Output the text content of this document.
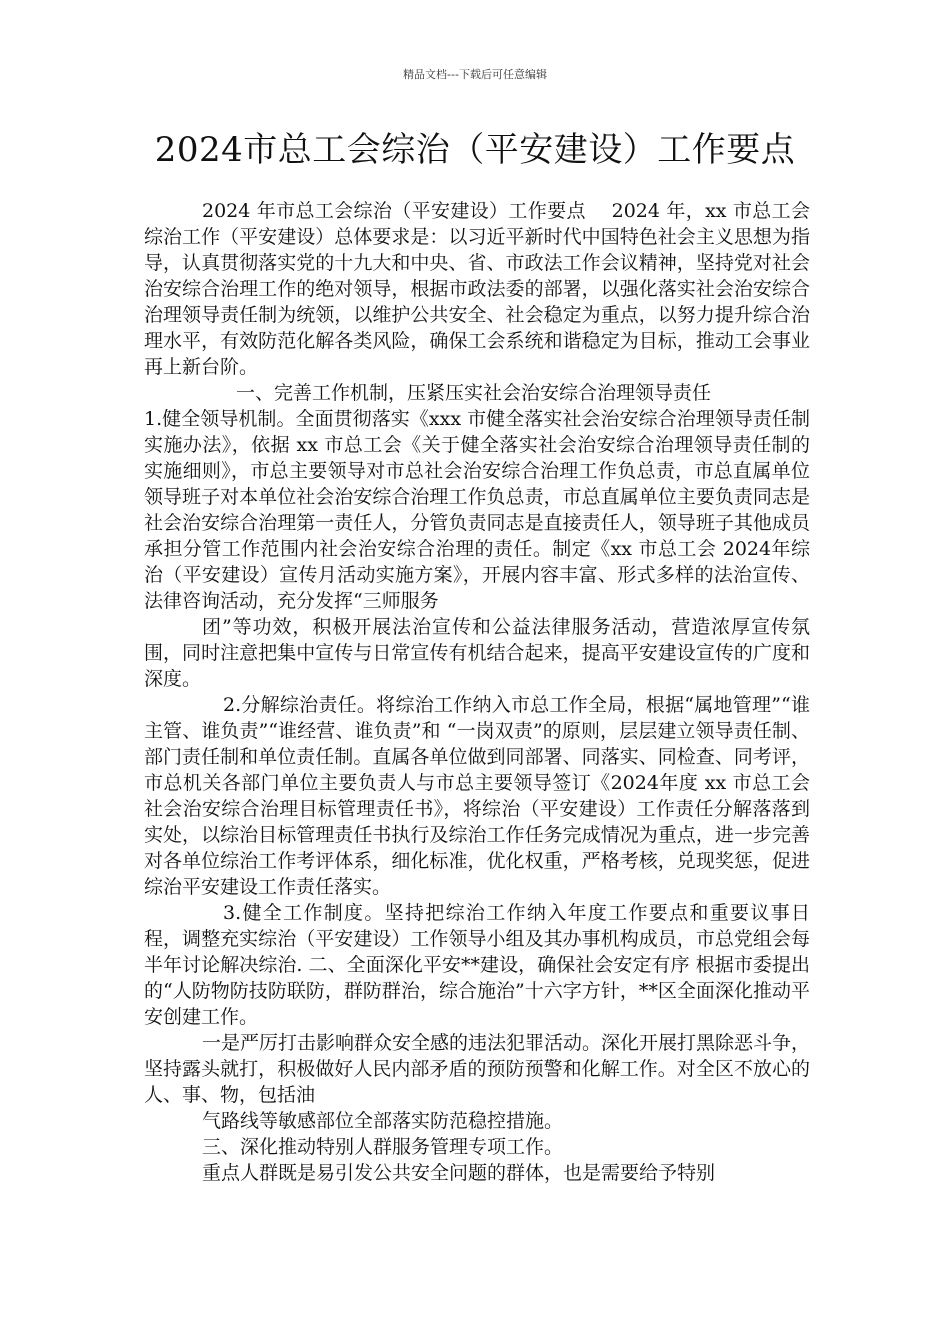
精品文档---下载后可任意编辑
2024市总工会综治（平安建设）工作要点

2024 年市总工会综治（平安建设）工作要点　 2024 年，xx 市总工会综治工作（平安建设）总体要求是：以习近平新时代中国特色社会主义思想为指导，认真贯彻落实党的十九大和中央、省、市政法工作会议精神，坚持党对社会治安综合治理工作的绝对领导，根据市政法委的部署，以强化落实社会治安综合治理领导责任制为统领，以维护公共安全、社会稳定为重点，以努力提升综合治理水平，有效防范化解各类风险，确保工会系统和谐稳定为目标，推动工会事业再上新台阶。

一、完善工作机制，压紧压实社会治安综合治理领导责任

1.健全领导机制。全面贯彻落实《xxx 市健全落实社会治安综合治理领导责任制实施办法》，依据 xx 市总工会《关于健全落实社会治安综合治理领导责任制的实施细则》，市总主要领导对市总社会治安综合治理工作负总责，市总直属单位领导班子对本单位社会治安综合治理工作负总责，市总直属单位主要负责同志是社会治安综合治理第一责任人，分管负责同志是直接责任人，领导班子其他成员承担分管工作范围内社会治安综合治理的责任。制定《xx 市总工会 2024年综治（平安建设）宣传月活动实施方案》，开展内容丰富、形式多样的法治宣传、法律咨询活动，充分发挥“三师服务

团”等功效，积极开展法治宣传和公益法律服务活动，营造浓厚宣传氛围，同时注意把集中宣传与日常宣传有机结合起来，提高平安建设宣传的广度和深度。

2.分解综治责任。将综治工作纳入市总工作全局，根据“属地管理”“谁主管、谁负责”“谁经营、谁负责”和 “一岗双责”的原则，层层建立领导责任制、部门责任制和单位责任制。直属各单位做到同部署、同落实、同检查、同考评，市总机关各部门单位主要负责人与市总主要领导签订《2024年度 xx 市总工会社会治安综合治理目标管理责任书》，将综治（平安建设）工作责任分解落落到实处，以综治目标管理责任书执行及综治工作任务完成情况为重点，进一步完善对各单位综治工作考评体系，细化标准，优化权重，严格考核，兑现奖惩，促进综治平安建设工作责任落实。

3.健全工作制度。坚持把综治工作纳入年度工作要点和重要议事日程，调整充实综治（平安建设）工作领导小组及其办事机构成员，市总党组会每半年讨论解决综治. 二、全面深化平安**建设，确保社会安定有序 根据市委提出的“人防物防技防联防，群防群治，综合施治”十六字方针，**区全面深化推动平安创建工作。

一是严厉打击影响群众安全感的违法犯罪活动。深化开展打黑除恶斗争，坚持露头就打，积极做好人民内部矛盾的预防预警和化解工作。对全区不放心的人、事、物，包括油

气路线等敏感部位全部落实防范稳控措施。

三、深化推动特别人群服务管理专项工作。

重点人群既是易引发公共安全问题的群体，也是需要给予特别
